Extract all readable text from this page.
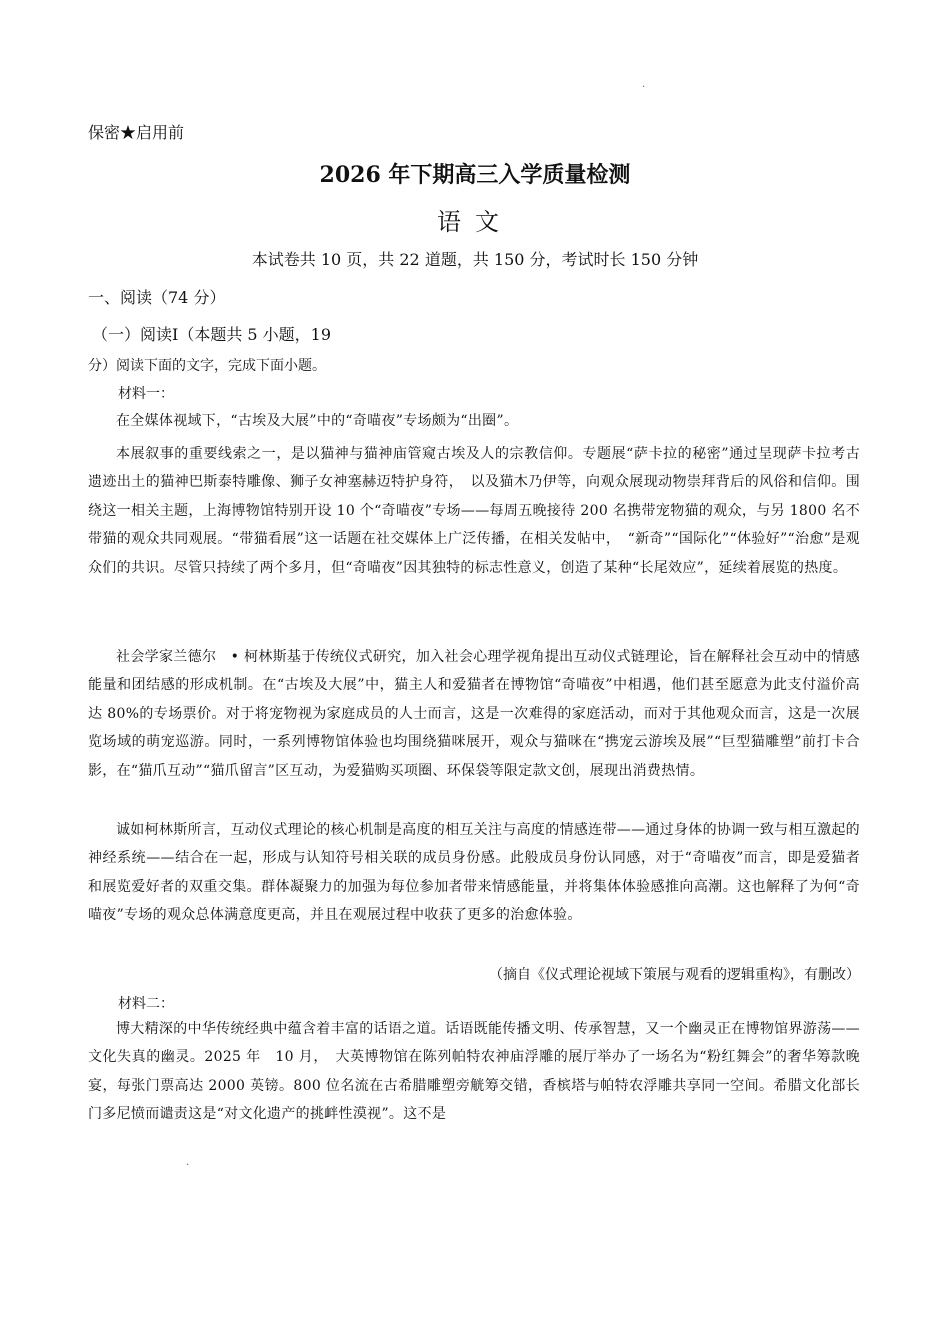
保密★启用前
2026 年下期高三入学质量检测
语文
本试卷共 10 页，共 22 道题，共 150 分，考试时长 150 分钟
一、阅读（74 分）
（一）阅读Ⅰ（本题共 5 小题，19
分）阅读下面的文字，完成下面小题。
材料一：

在全媒体视域下，“古埃及大展”中的“奇喵夜”专场颇为“出圈”。

本展叙事的重要线索之一，是以猫神与猫神庙管窥古埃及人的宗教信仰。专题展“萨卡拉的秘密”通过呈现萨卡拉考古遗迹出土的猫神巴斯泰特雕像、狮子女神塞赫迈特护身符，　以及猫木乃伊等，向观众展现动物崇拜背后的风俗和信仰。围绕这一相关主题，上海博物馆特别开设 10 个“奇喵夜”专场——每周五晚接待 200 名携带宠物猫的观众，与另 1800 名不带猫的观众共同观展。“带猫看展”这一话题在社交媒体上广泛传播，在相关发帖中，　“新奇”“国际化”“体验好”“治愈”是观众们的共识。尽管只持续了两个多月，但“奇喵夜”因其独特的标志性意义，创造了某种“长尾效应”，延续着展览的热度。

社会学家兰德尔　• 柯林斯基于传统仪式研究，加入社会心理学视角提出互动仪式链理论，旨在解释社会互动中的情感能量和团结感的形成机制。在“古埃及大展”中，猫主人和爱猫者在博物馆“奇喵夜”中相遇，他们甚至愿意为此支付溢价高达 80%的专场票价。对于将宠物视为家庭成员的人士而言，这是一次难得的家庭活动，而对于其他观众而言，这是一次展览场域的萌宠巡游。同时，一系列博物馆体验也均围绕猫咪展开，观众与猫咪在“携宠云游埃及展”“巨型猫雕塑”前打卡合影，在“猫爪互动”“猫爪留言”区互动，为爱猫购买项圈、环保袋等限定款文创，展现出消费热情。

诚如柯林斯所言，互动仪式理论的核心机制是高度的相互关注与高度的情感连带——通过身体的协调一致与相互激起的神经系统——结合在一起，形成与认知符号相关联的成员身份感。此般成员身份认同感，对于“奇喵夜”而言，即是爱猫者和展览爱好者的双重交集。群体凝聚力的加强为每位参加者带来情感能量，并将集体体验感推向高潮。这也解释了为何“奇喵夜”专场的观众总体满意度更高，并且在观展过程中收获了更多的治愈体验。

（摘自《仪式理论视域下策展与观看的逻辑重构》，有删改）
材料二：

博大精深的中华传统经典中蕴含着丰富的话语之道。话语既能传播文明、传承智慧，又一个幽灵正在博物馆界游荡——文化失真的幽灵。2025 年　10 月，　大英博物馆在陈列帕特农神庙浮雕的展厅举办了一场名为“粉红舞会”的奢华筹款晚宴，每张门票高达 2000 英镑。800 位名流在古希腊雕塑旁觥筹交错，香槟塔与帕特农浮雕共享同一空间。希腊文化部长门多尼愤而谴责这是“对文化遗产的挑衅性漠视”。这不是

·
·
